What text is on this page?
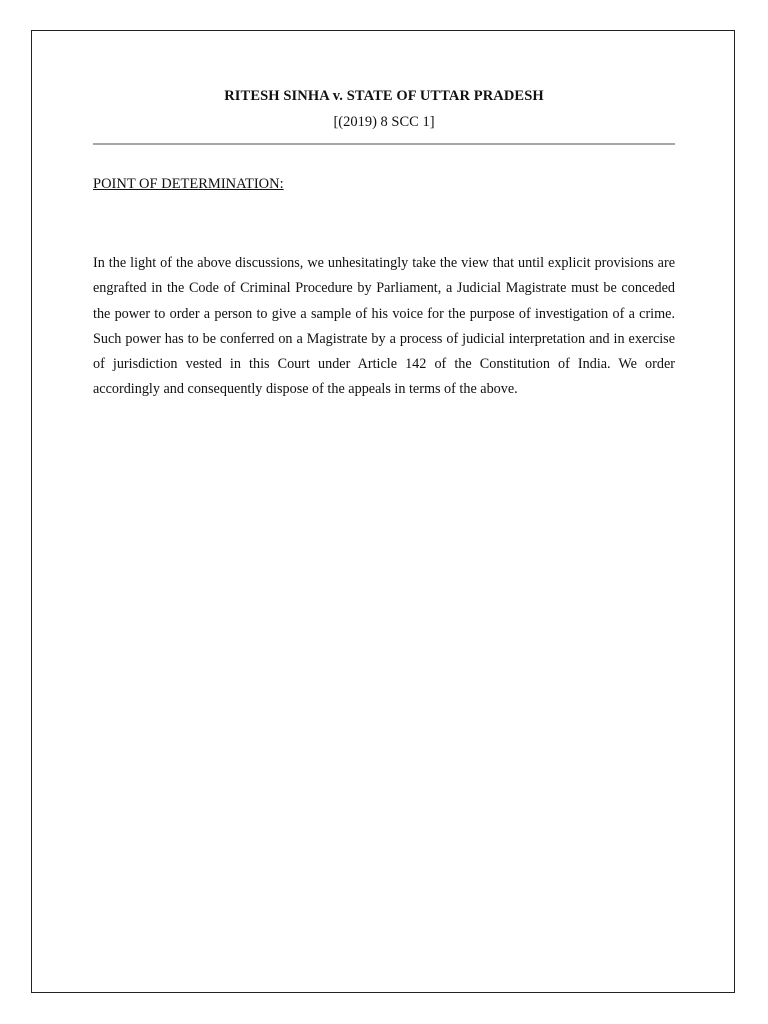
RITESH SINHA v. STATE OF UTTAR PRADESH

[(2019) 8 SCC 1]

POINT OF DETERMINATION:

In the light of the above discussions, we unhesitatingly take the view that until explicit provisions are engrafted in the Code of Criminal Procedure by Parliament, a Judicial Magistrate must be conceded the power to order a person to give a sample of his voice for the purpose of investigation of a crime. Such power has to be conferred on a Magistrate by a process of judicial interpretation and in exercise of jurisdiction vested in this Court under Article 142 of the Constitution of India. We order accordingly and consequently dispose of the appeals in terms of the above.
